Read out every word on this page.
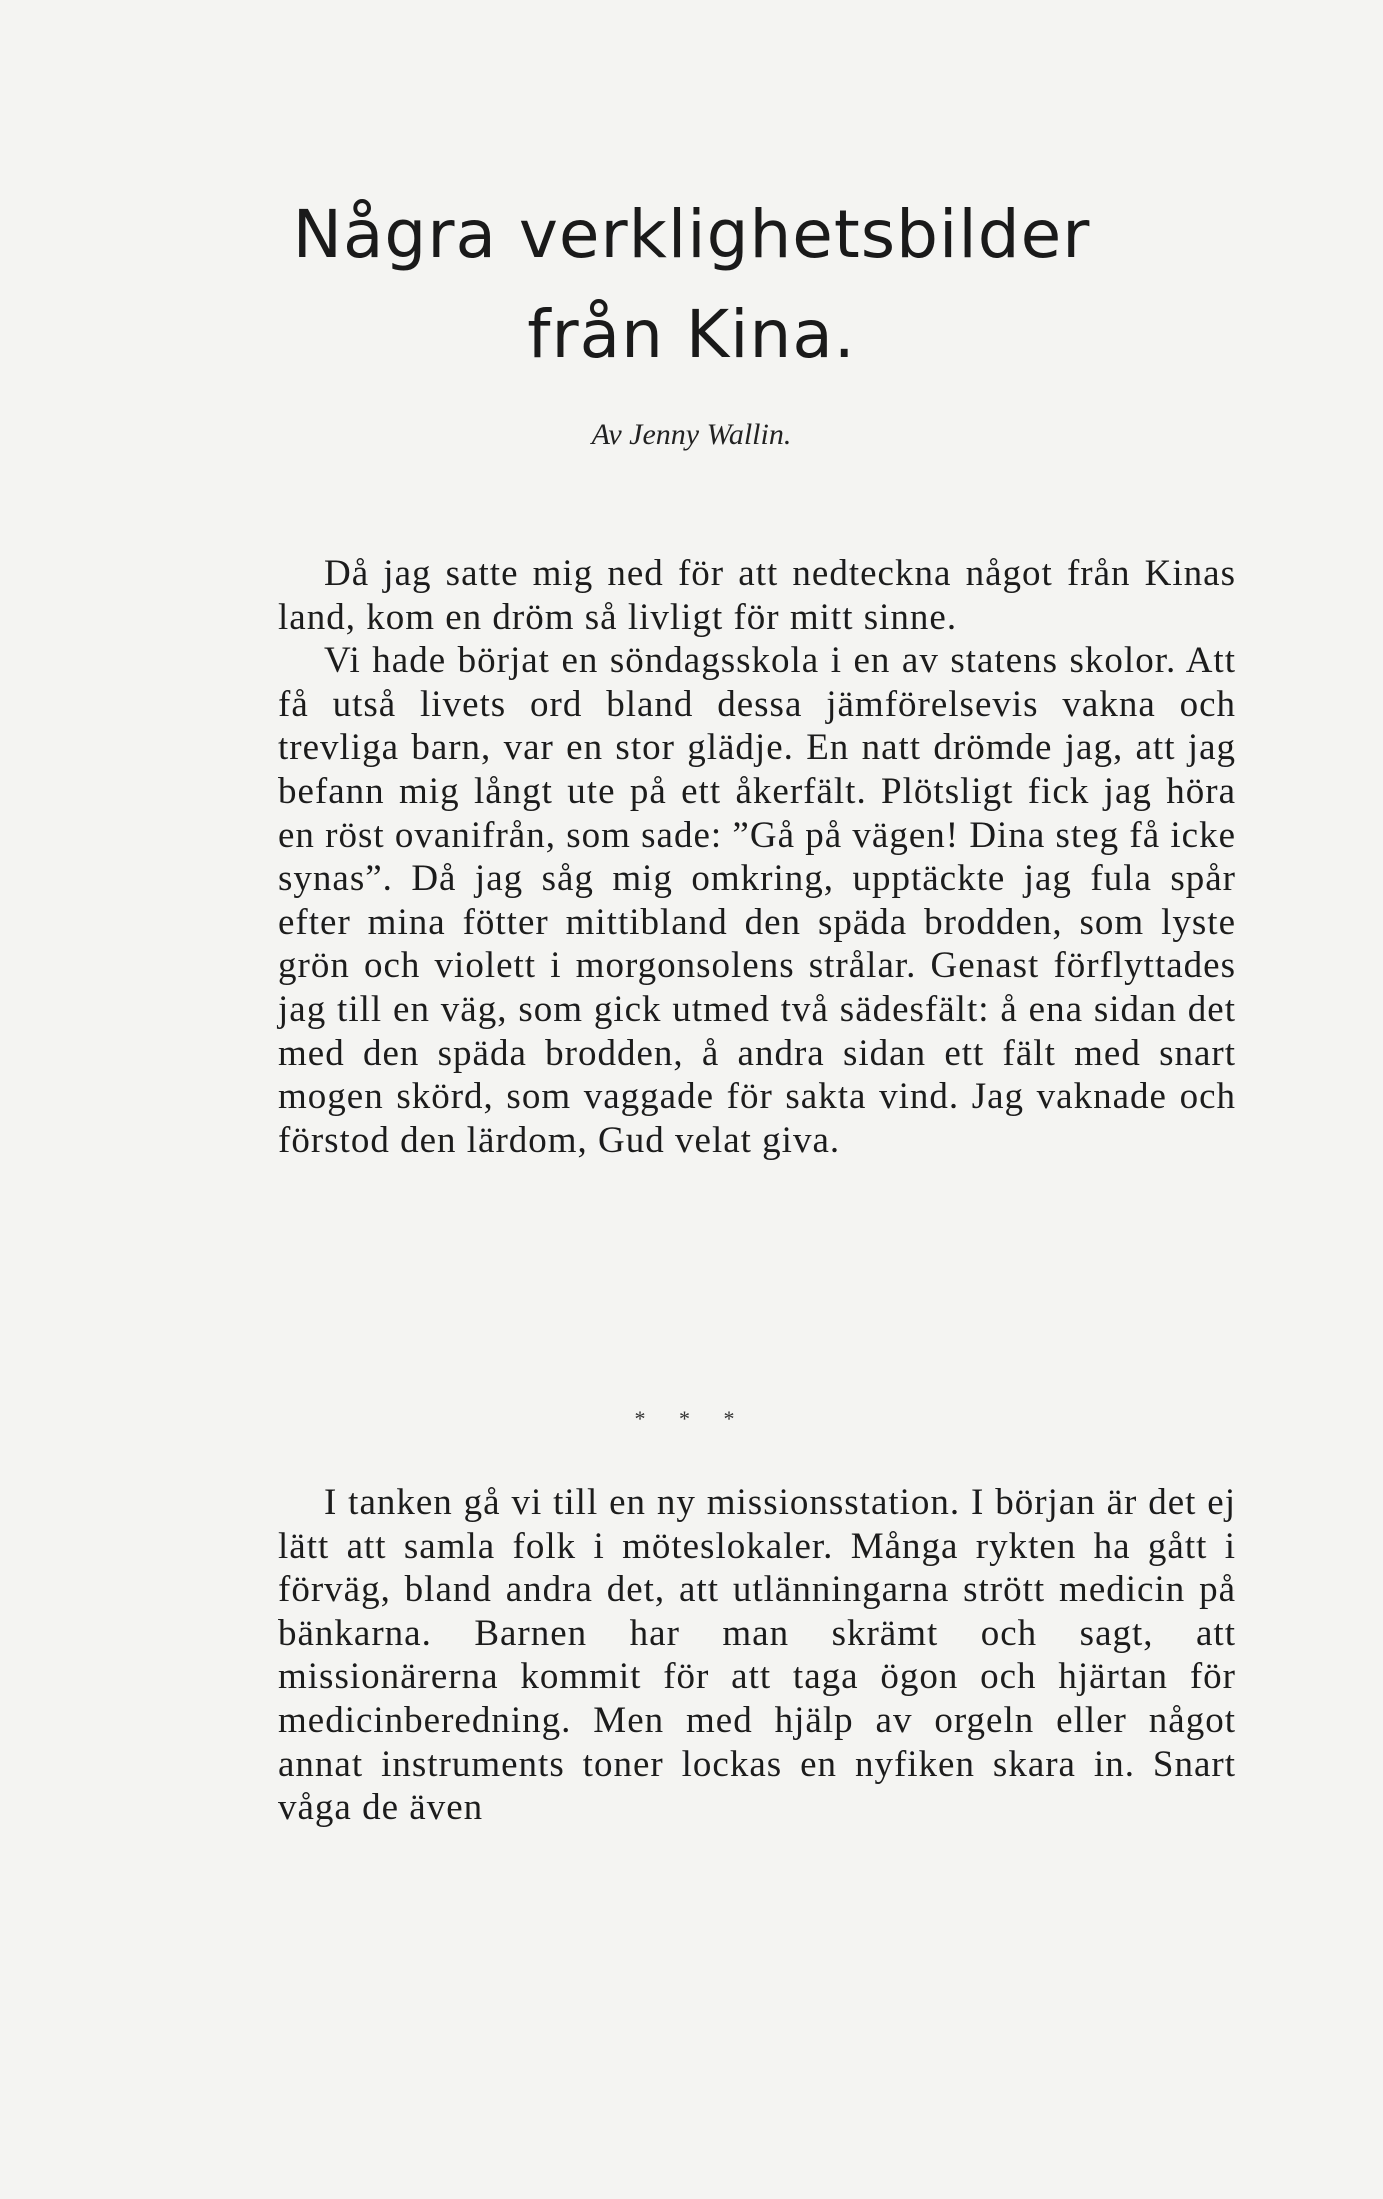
Några verklighetsbilder
från Kina.
Av Jenny Wallin.

Då jag satte mig ned för att nedteckna något från Kinas land, kom en dröm så livligt för mitt sinne.

Vi hade börjat en söndagsskola i en av statens skolor. Att få utså livets ord bland dessa jämförelsevis vakna och trevliga barn, var en stor glädje. En natt drömde jag, att jag befann mig långt ute på ett åkerfält. Plötsligt fick jag höra en röst ovanifrån, som sade: ”Gå på vägen! Dina steg få icke synas”. Då jag såg mig omkring, upptäckte jag fula spår efter mina fötter mittibland den späda brodden, som lyste grön och violett i morgonsolens strålar. Genast förflyttades jag till en väg, som gick utmed två sädesfält: å ena sidan det med den späda brodden, å andra sidan ett fält med snart mogen skörd, som vaggade för sakta vind. Jag vaknade och förstod den lärdom, Gud velat giva.

* * *

I tanken gå vi till en ny missionsstation. I början är det ej lätt att samla folk i möteslokaler. Många rykten ha gått i förväg, bland andra det, att utlänningarna strött medicin på bänkarna. Barnen har man skrämt och sagt, att missionärerna kommit för att taga ögon och hjärtan för medicinberedning. Men med hjälp av orgeln eller något annat instruments toner lockas en nyfiken skara in. Snart våga de även
